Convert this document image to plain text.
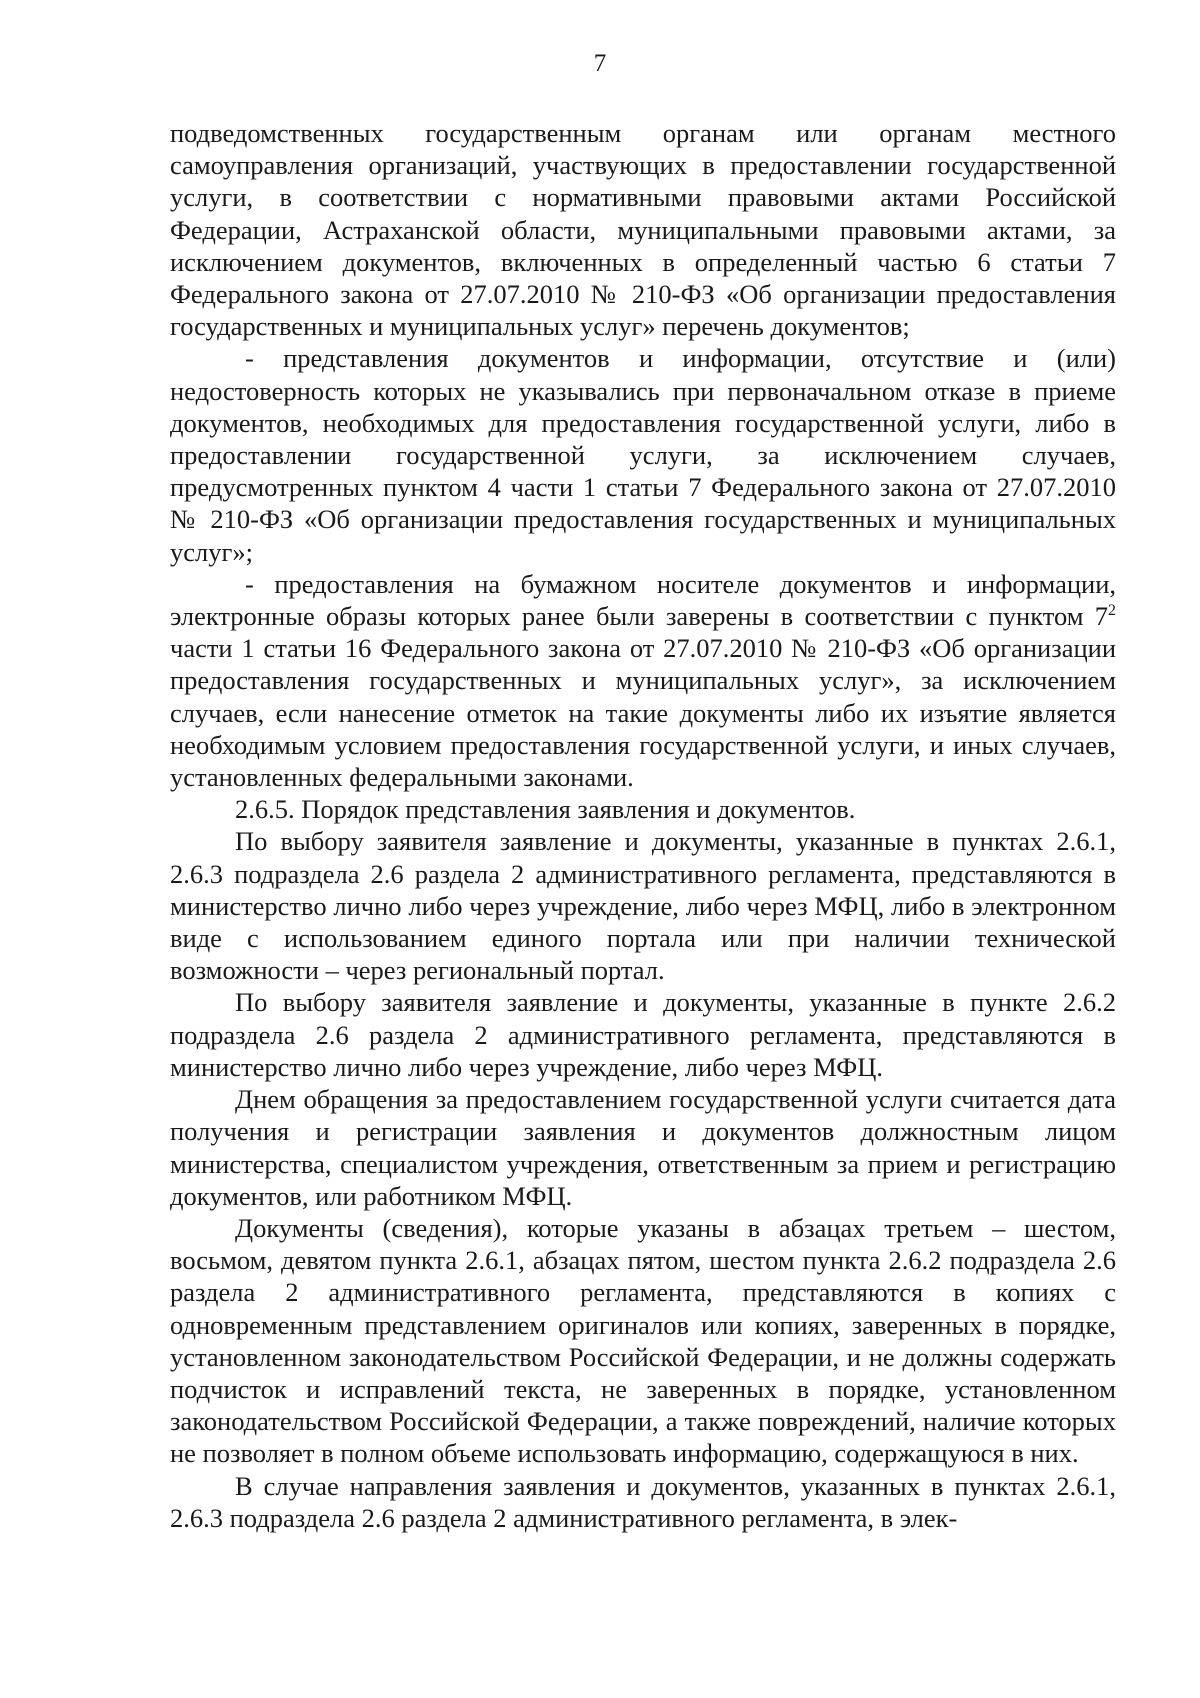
7

подведомственных государственным органам или органам местного самоуправления организаций, участвующих в предоставлении государственной услуги, в соответствии с нормативными правовыми актами Российской Федерации, Астраханской области, муниципальными правовыми актами, за исключением документов, включенных в определенный частью 6 статьи 7 Федерального закона от 27.07.2010 № 210-ФЗ «Об организации предоставления государственных и муниципальных услуг» перечень документов;

- представления документов и информации, отсутствие и (или) недостоверность которых не указывались при первоначальном отказе в приеме документов, необходимых для предоставления государственной услуги, либо в предоставлении государственной услуги, за исключением случаев, предусмотренных пунктом 4 части 1 статьи 7 Федерального закона от 27.07.2010 № 210-ФЗ «Об организации предоставления государственных и муниципальных услуг»;

- предоставления на бумажном носителе документов и информации, электронные образы которых ранее были заверены в соответствии с пунктом $7^2$ части 1 статьи 16 Федерального закона от 27.07.2010 № 210-ФЗ «Об организации предоставления государственных и муниципальных услуг», за исключением случаев, если нанесение отметок на такие документы либо их изъятие является необходимым условием предоставления государственной услуги, и иных случаев, установленных федеральными законами.

2.6.5. Порядок представления заявления и документов.

По выбору заявителя заявление и документы, указанные в пунктах 2.6.1, 2.6.3 подраздела 2.6 раздела 2 административного регламента, представляются в министерство лично либо через учреждение, либо через МФЦ, либо в электронном виде с использованием единого портала или при наличии технической возможности – через региональный портал.

По выбору заявителя заявление и документы, указанные в пункте 2.6.2 подраздела 2.6 раздела 2 административного регламента, представляются в министерство лично либо через учреждение, либо через МФЦ.

Днем обращения за предоставлением государственной услуги считается дата получения и регистрации заявления и документов должностным лицом министерства, специалистом учреждения, ответственным за прием и регистрацию документов, или работником МФЦ.

Документы (сведения), которые указаны в абзацах третьем – шестом, восьмом, девятом пункта 2.6.1, абзацах пятом, шестом пункта 2.6.2 подраздела 2.6 раздела 2 административного регламента, представляются в копиях с одновременным представлением оригиналов или копиях, заверенных в порядке, установленном законодательством Российской Федерации, и не должны содержать подчисток и исправлений текста, не заверенных в порядке, установленном законодательством Российской Федерации, а также повреждений, наличие которых не позволяет в полном объеме использовать информацию, содержащуюся в них.

В случае направления заявления и документов, указанных в пунктах 2.6.1, 2.6.3 подраздела 2.6 раздела 2 административного регламента, в элек-
